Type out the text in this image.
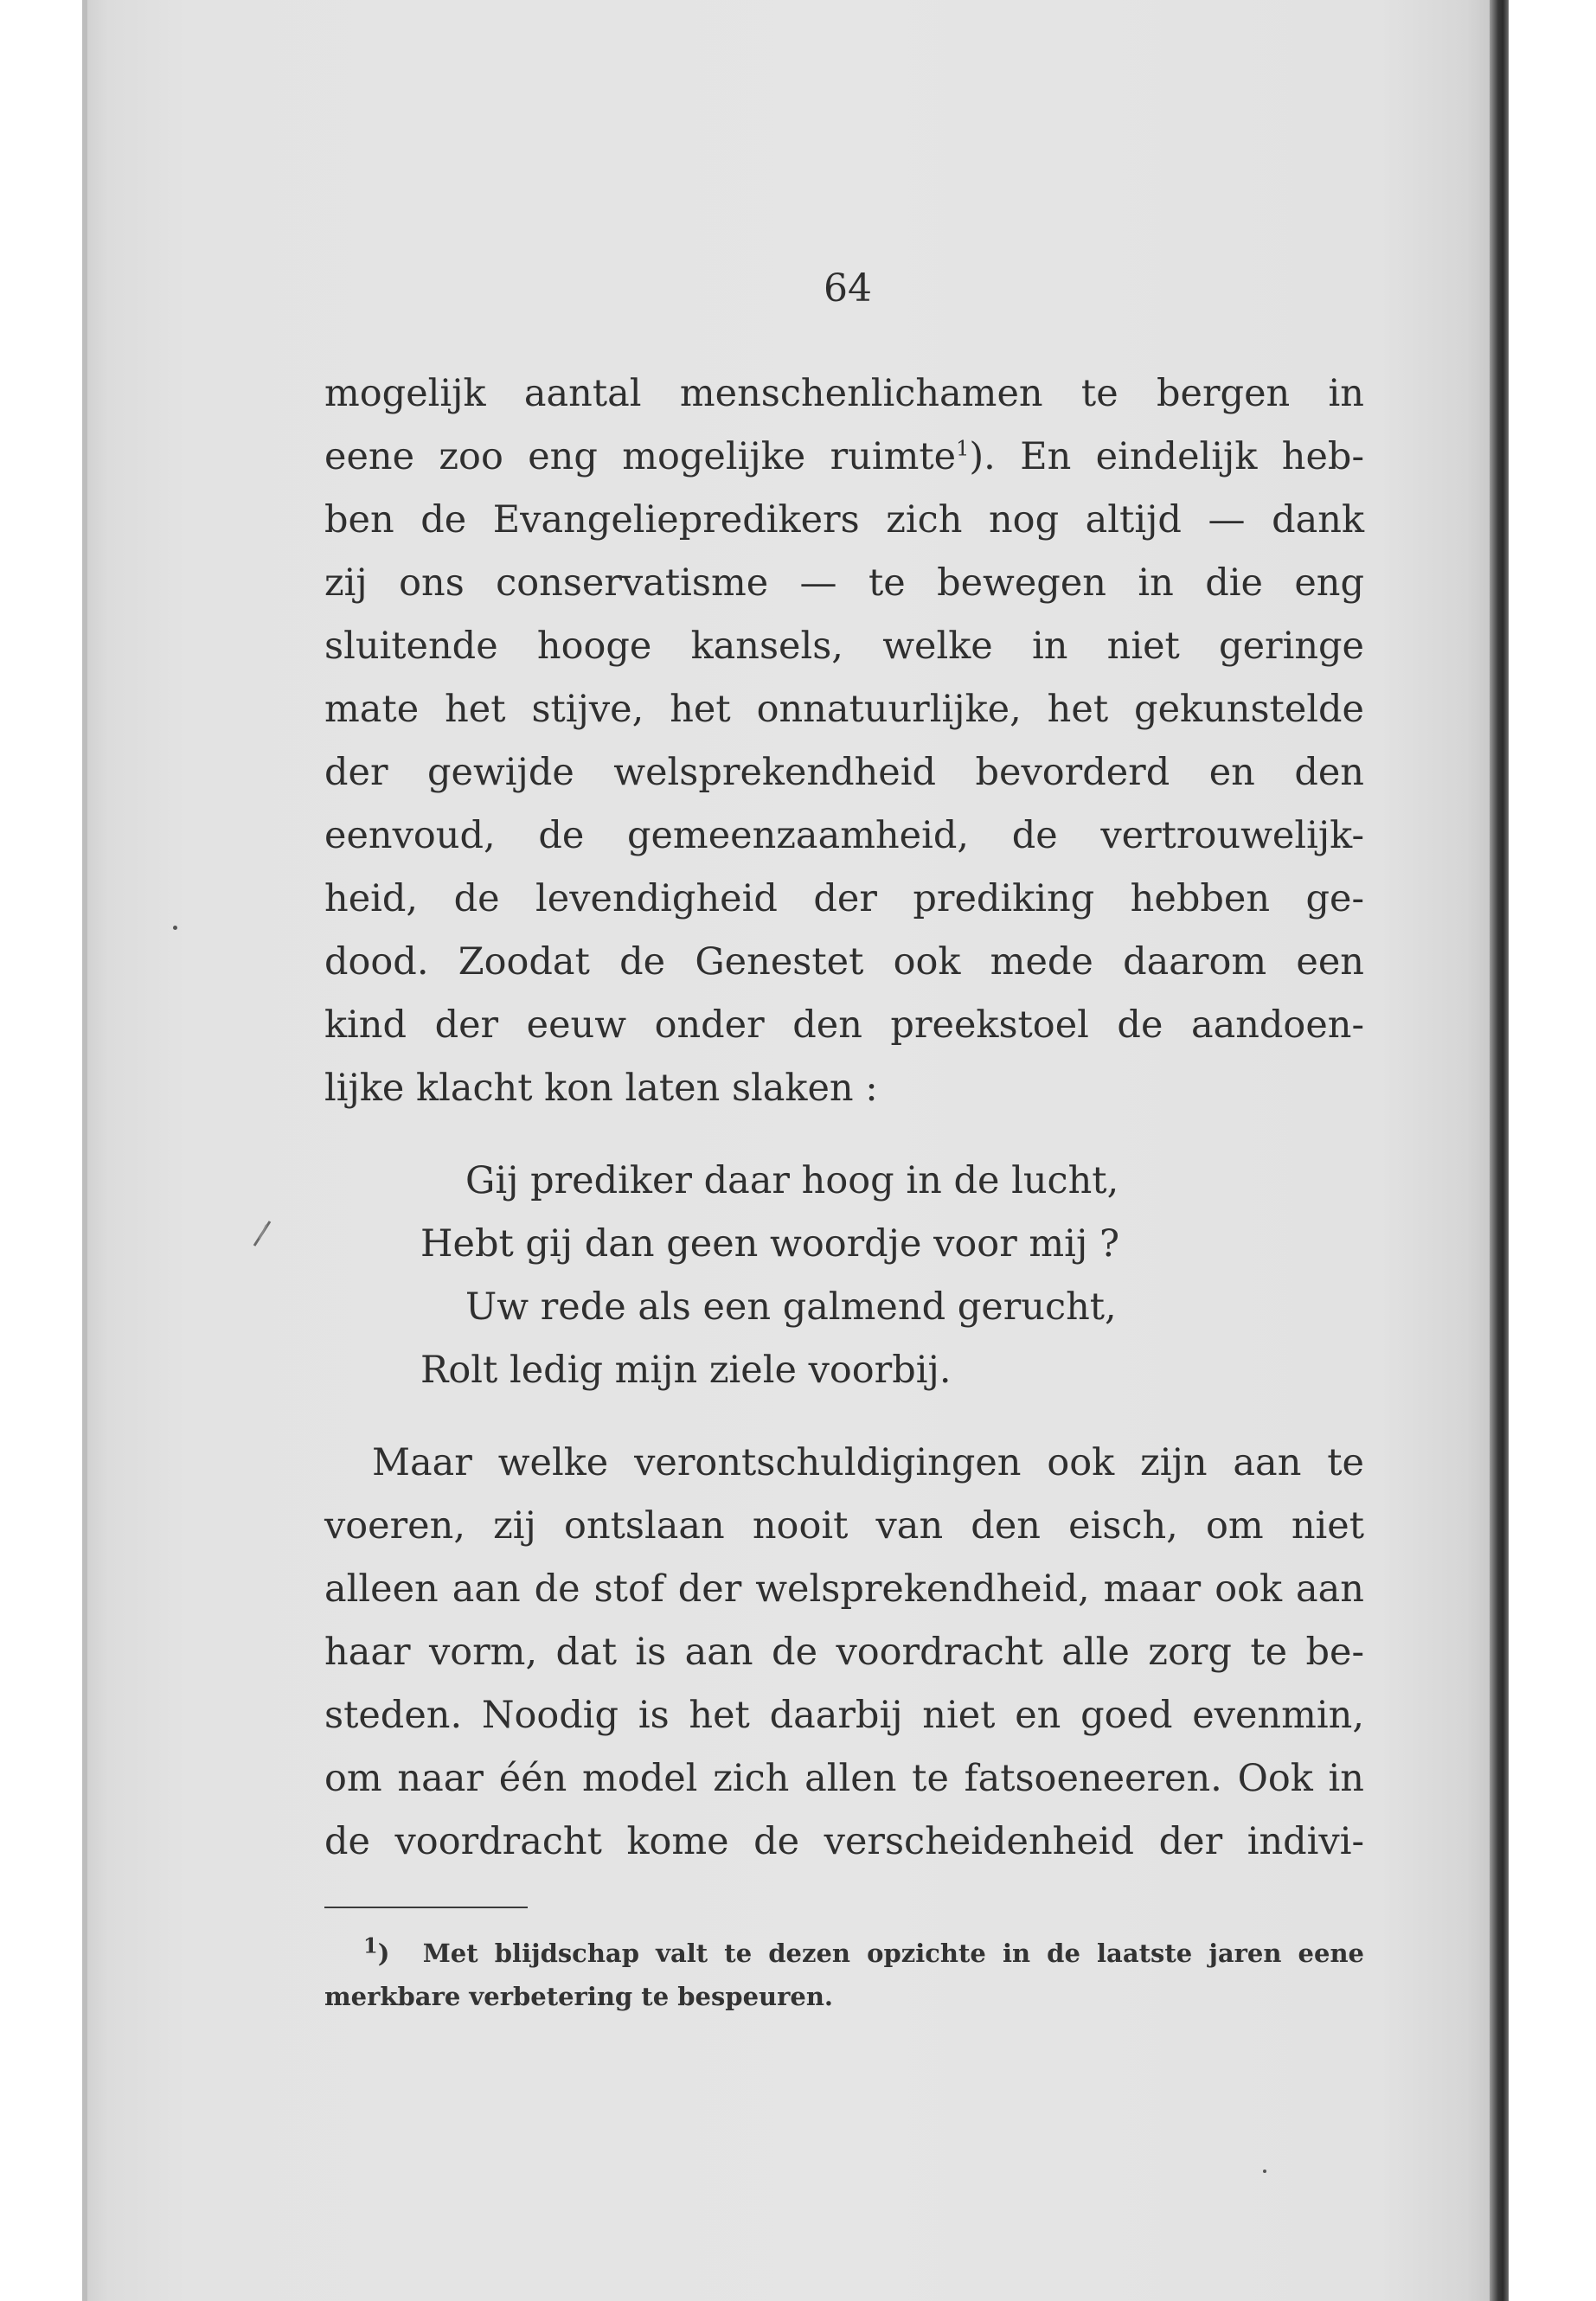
64
mogelijk aantal menschenlichamen te bergen in
eene zoo eng mogelijke ruimte$^1$). En eindelijk heb-
ben de Evangeliepredikers zich nog altijd — dank
zij ons conservatisme — te bewegen in die eng
sluitende hooge kansels, welke in niet geringe
mate het stijve, het onnatuurlijke, het gekunstelde
der gewijde welsprekendheid bevorderd en den
eenvoud, de gemeenzaamheid, de vertrouwelijk-
heid, de levendigheid der prediking hebben ge-
dood. Zoodat de Genestet ook mede daarom een
kind der eeuw onder den preekstoel de aandoen-
lijke klacht kon laten slaken :
Gij prediker daar hoog in de lucht,
Hebt gij dan geen woordje voor mij ?
Uw rede als een galmend gerucht,
Rolt ledig mijn ziele voorbij.
Maar welke verontschuldigingen ook zijn aan te
voeren, zij ontslaan nooit van den eisch, om niet
alleen aan de stof der welsprekendheid, maar ook aan
haar vorm, dat is aan de voordracht alle zorg te be-
steden. Noodig is het daarbij niet en goed evenmin,
om naar één model zich allen te fatsoeneeren. Ook in
de voordracht kome de verscheidenheid der indivi-
$^1$) Met blijdschap valt te dezen opzichte in de laatste jaren eene
merkbare verbetering te bespeuren.
